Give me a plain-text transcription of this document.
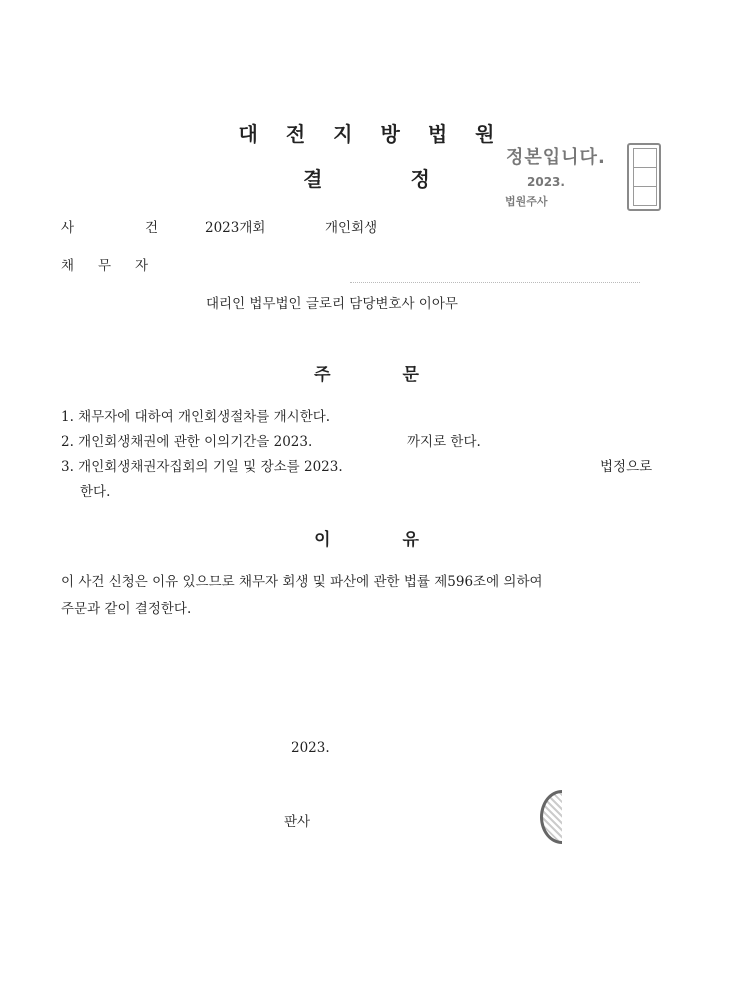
대 전 지 방 법 원
결	정
정본입니다.
2023.
법원주사
사	건	2023개회	개인회생
채 무 자
대리인 법무법인 글로리 담당변호사 이아무
주	문
1. 채무자에 대하여 개인회생절차를 개시한다.
2. 개인회생채권에 관한 이의기간을 2023.	까지로 한다.
3. 개인회생채권자집회의 기일 및 장소를 2023.	법정으로
한다.
이	유
이 사건 신청은 이유 있으므로 채무자 회생 및 파산에 관한 법률 제596조에 의하여
주문과 같이 결정한다.
2023.
판사
